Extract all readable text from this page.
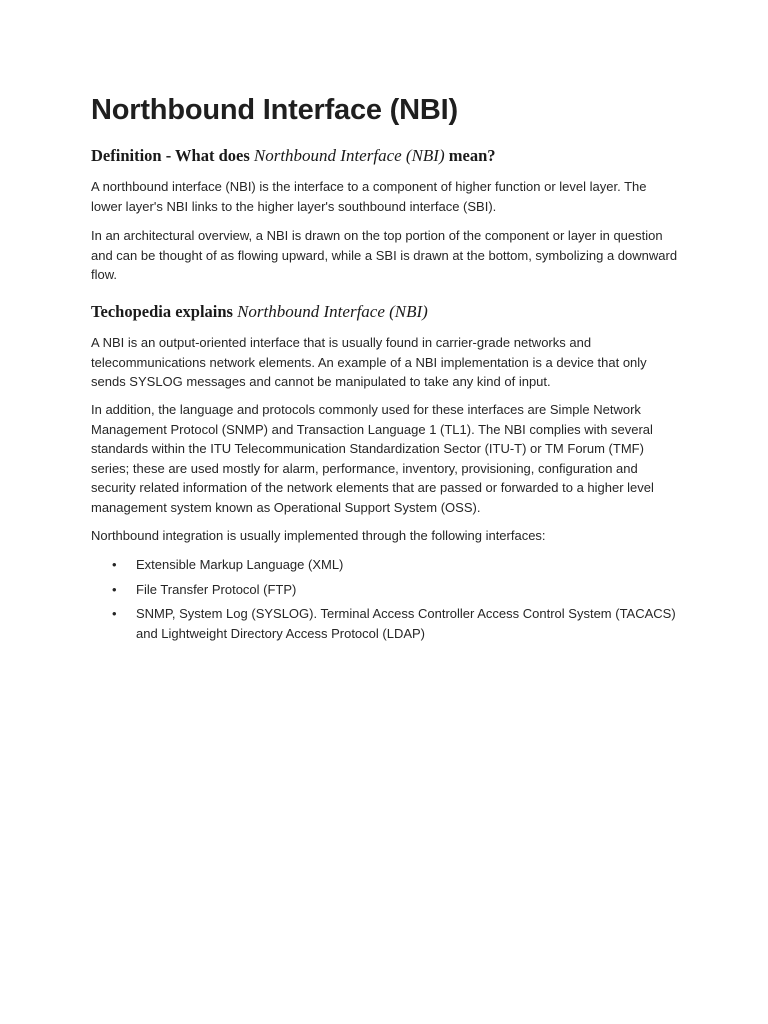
Northbound Interface (NBI)
Definition - What does Northbound Interface (NBI) mean?

A northbound interface (NBI) is the interface to a component of higher function or level layer. The lower layer's NBI links to the higher layer's southbound interface (SBI).

In an architectural overview, a NBI is drawn on the top portion of the component or layer in question and can be thought of as flowing upward, while a SBI is drawn at the bottom, symbolizing a downward flow.

Techopedia explains Northbound Interface (NBI)

A NBI is an output-oriented interface that is usually found in carrier-grade networks and telecommunications network elements. An example of a NBI implementation is a device that only sends SYSLOG messages and cannot be manipulated to take any kind of input.

In addition, the language and protocols commonly used for these interfaces are Simple Network Management Protocol (SNMP) and Transaction Language 1 (TL1). The NBI complies with several standards within the ITU Telecommunication Standardization Sector (ITU-T) or TM Forum (TMF) series; these are used mostly for alarm, performance, inventory, provisioning, configuration and security related information of the network elements that are passed or forwarded to a higher level management system known as Operational Support System (OSS).

Northbound integration is usually implemented through the following interfaces:

• Extensible Markup Language (XML)
• File Transfer Protocol (FTP)
• SNMP, System Log (SYSLOG). Terminal Access Controller Access Control System (TACACS) and Lightweight Directory Access Protocol (LDAP)
